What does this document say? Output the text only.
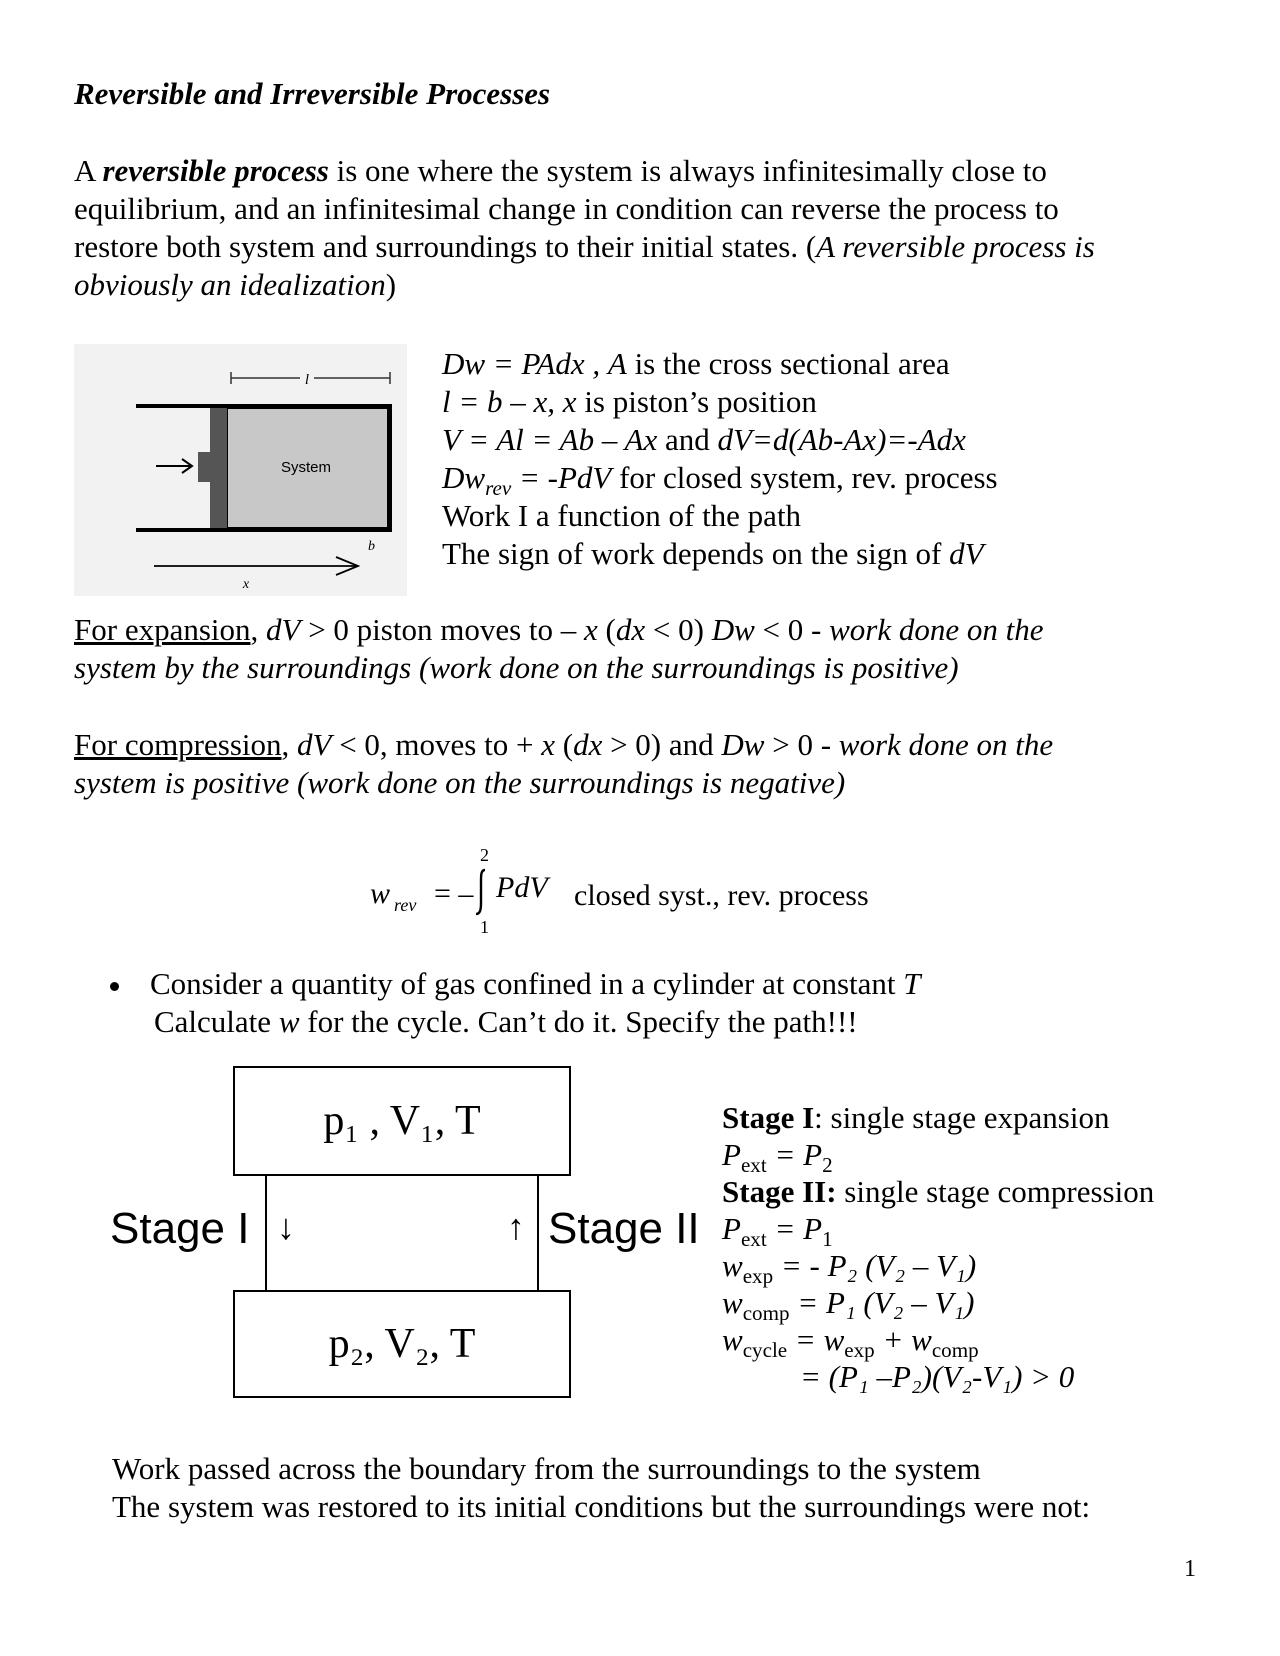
Reversible and Irreversible Processes
A reversible process is one where the system is always infinitesimally close to
equilibrium, and an infinitesimal change in condition can reverse the process to
restore both system and surroundings to their initial states. (A reversible process is
obviously an idealization)
l
System
b
x
Dw = PAdx , A is the cross sectional area
l = b – x, x is piston’s position
V = Al = Ab – Ax and dV=d(Ab-Ax)=-Adx
$Dw_{rev} = -PdV$ for closed system, rev. process
Work I a function of the path
The sign of work depends on the sign of dV
For expansion, dV > 0 piston moves to – x (dx < 0) Dw < 0 - work done on the
system by the surroundings (work done on the surroundings is positive)
For compression, dV < 0, moves to + x (dx > 0) and Dw > 0 - work done on the
system is positive (work done on the surroundings is negative)
w rev = –
2
1
PdV closed syst., rev. process
Consider a quantity of gas confined in a cylinder at constant T
Calculate w for the cycle. Can’t do it. Specify the path!!!
p₁ , V₁, T
↓	↑
Stage I	Stage II
p₂, V₂, T
Stage I: single stage expansion
$P_{ext} = P_2$
Stage II: single stage compression
$P_{ext} = P_1$
$w_{exp}$ = - P₂ (V₂ – V₁)
$w_{comp} = P_1$ (V₂ – V₁)
$w_{cycle} = w_{exp} + w_{comp}$
= (P₁ –P₂)(V₂-V₁) > 0
Work passed across the boundary from the surroundings to the system
The system was restored to its initial conditions but the surroundings were not:
1
